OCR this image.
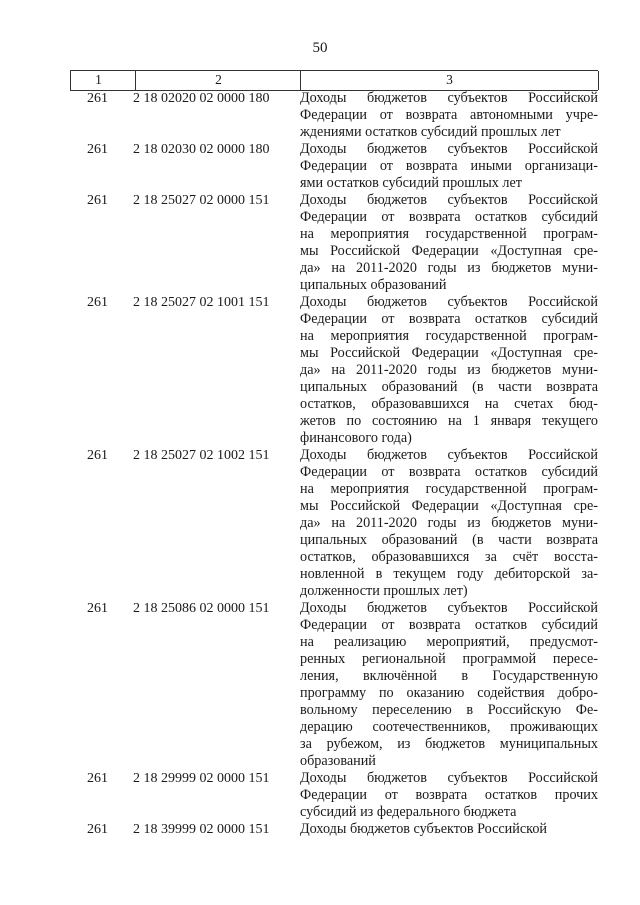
50
1	2	3
261	2 18 02020 02 0000 180	Доходы бюджетов субъектов Российской
Федерации от возврата автономными учре-
ждениями остатков субсидий прошлых лет
261	2 18 02030 02 0000 180	Доходы бюджетов субъектов Российской
Федерации от возврата иными организаци-
ями остатков субсидий прошлых лет
261	2 18 25027 02 0000 151	Доходы бюджетов субъектов Российской
Федерации от возврата остатков субсидий
на мероприятия государственной програм-
мы Российской Федерации «Доступная сре-
да» на 2011-2020 годы из бюджетов муни-
ципальных образований
261	2 18 25027 02 1001 151	Доходы бюджетов субъектов Российской
Федерации от возврата остатков субсидий
на мероприятия государственной програм-
мы Российской Федерации «Доступная сре-
да» на 2011-2020 годы из бюджетов муни-
ципальных образований (в части возврата
остатков, образовавшихся на счетах бюд-
жетов по состоянию на 1 января текущего
финансового года)
261	2 18 25027 02 1002 151	Доходы бюджетов субъектов Российской
Федерации от возврата остатков субсидий
на мероприятия государственной програм-
мы Российской Федерации «Доступная сре-
да» на 2011-2020 годы из бюджетов муни-
ципальных образований (в части возврата
остатков, образовавшихся за счёт восста-
новленной в текущем году дебиторской за-
долженности прошлых лет)
261	2 18 25086 02 0000 151	Доходы бюджетов субъектов Российской
Федерации от возврата остатков субсидий
на реализацию мероприятий, предусмот-
ренных региональной программой пересе-
ления, включённой в Государственную
программу по оказанию содействия добро-
вольному переселению в Российскую Фе-
дерацию соотечественников, проживающих
за рубежом, из бюджетов муниципальных
образований
261	2 18 29999 02 0000 151	Доходы бюджетов субъектов Российской
Федерации от возврата остатков прочих
субсидий из федерального бюджета
261	2 18 39999 02 0000 151	Доходы бюджетов субъектов Российской
